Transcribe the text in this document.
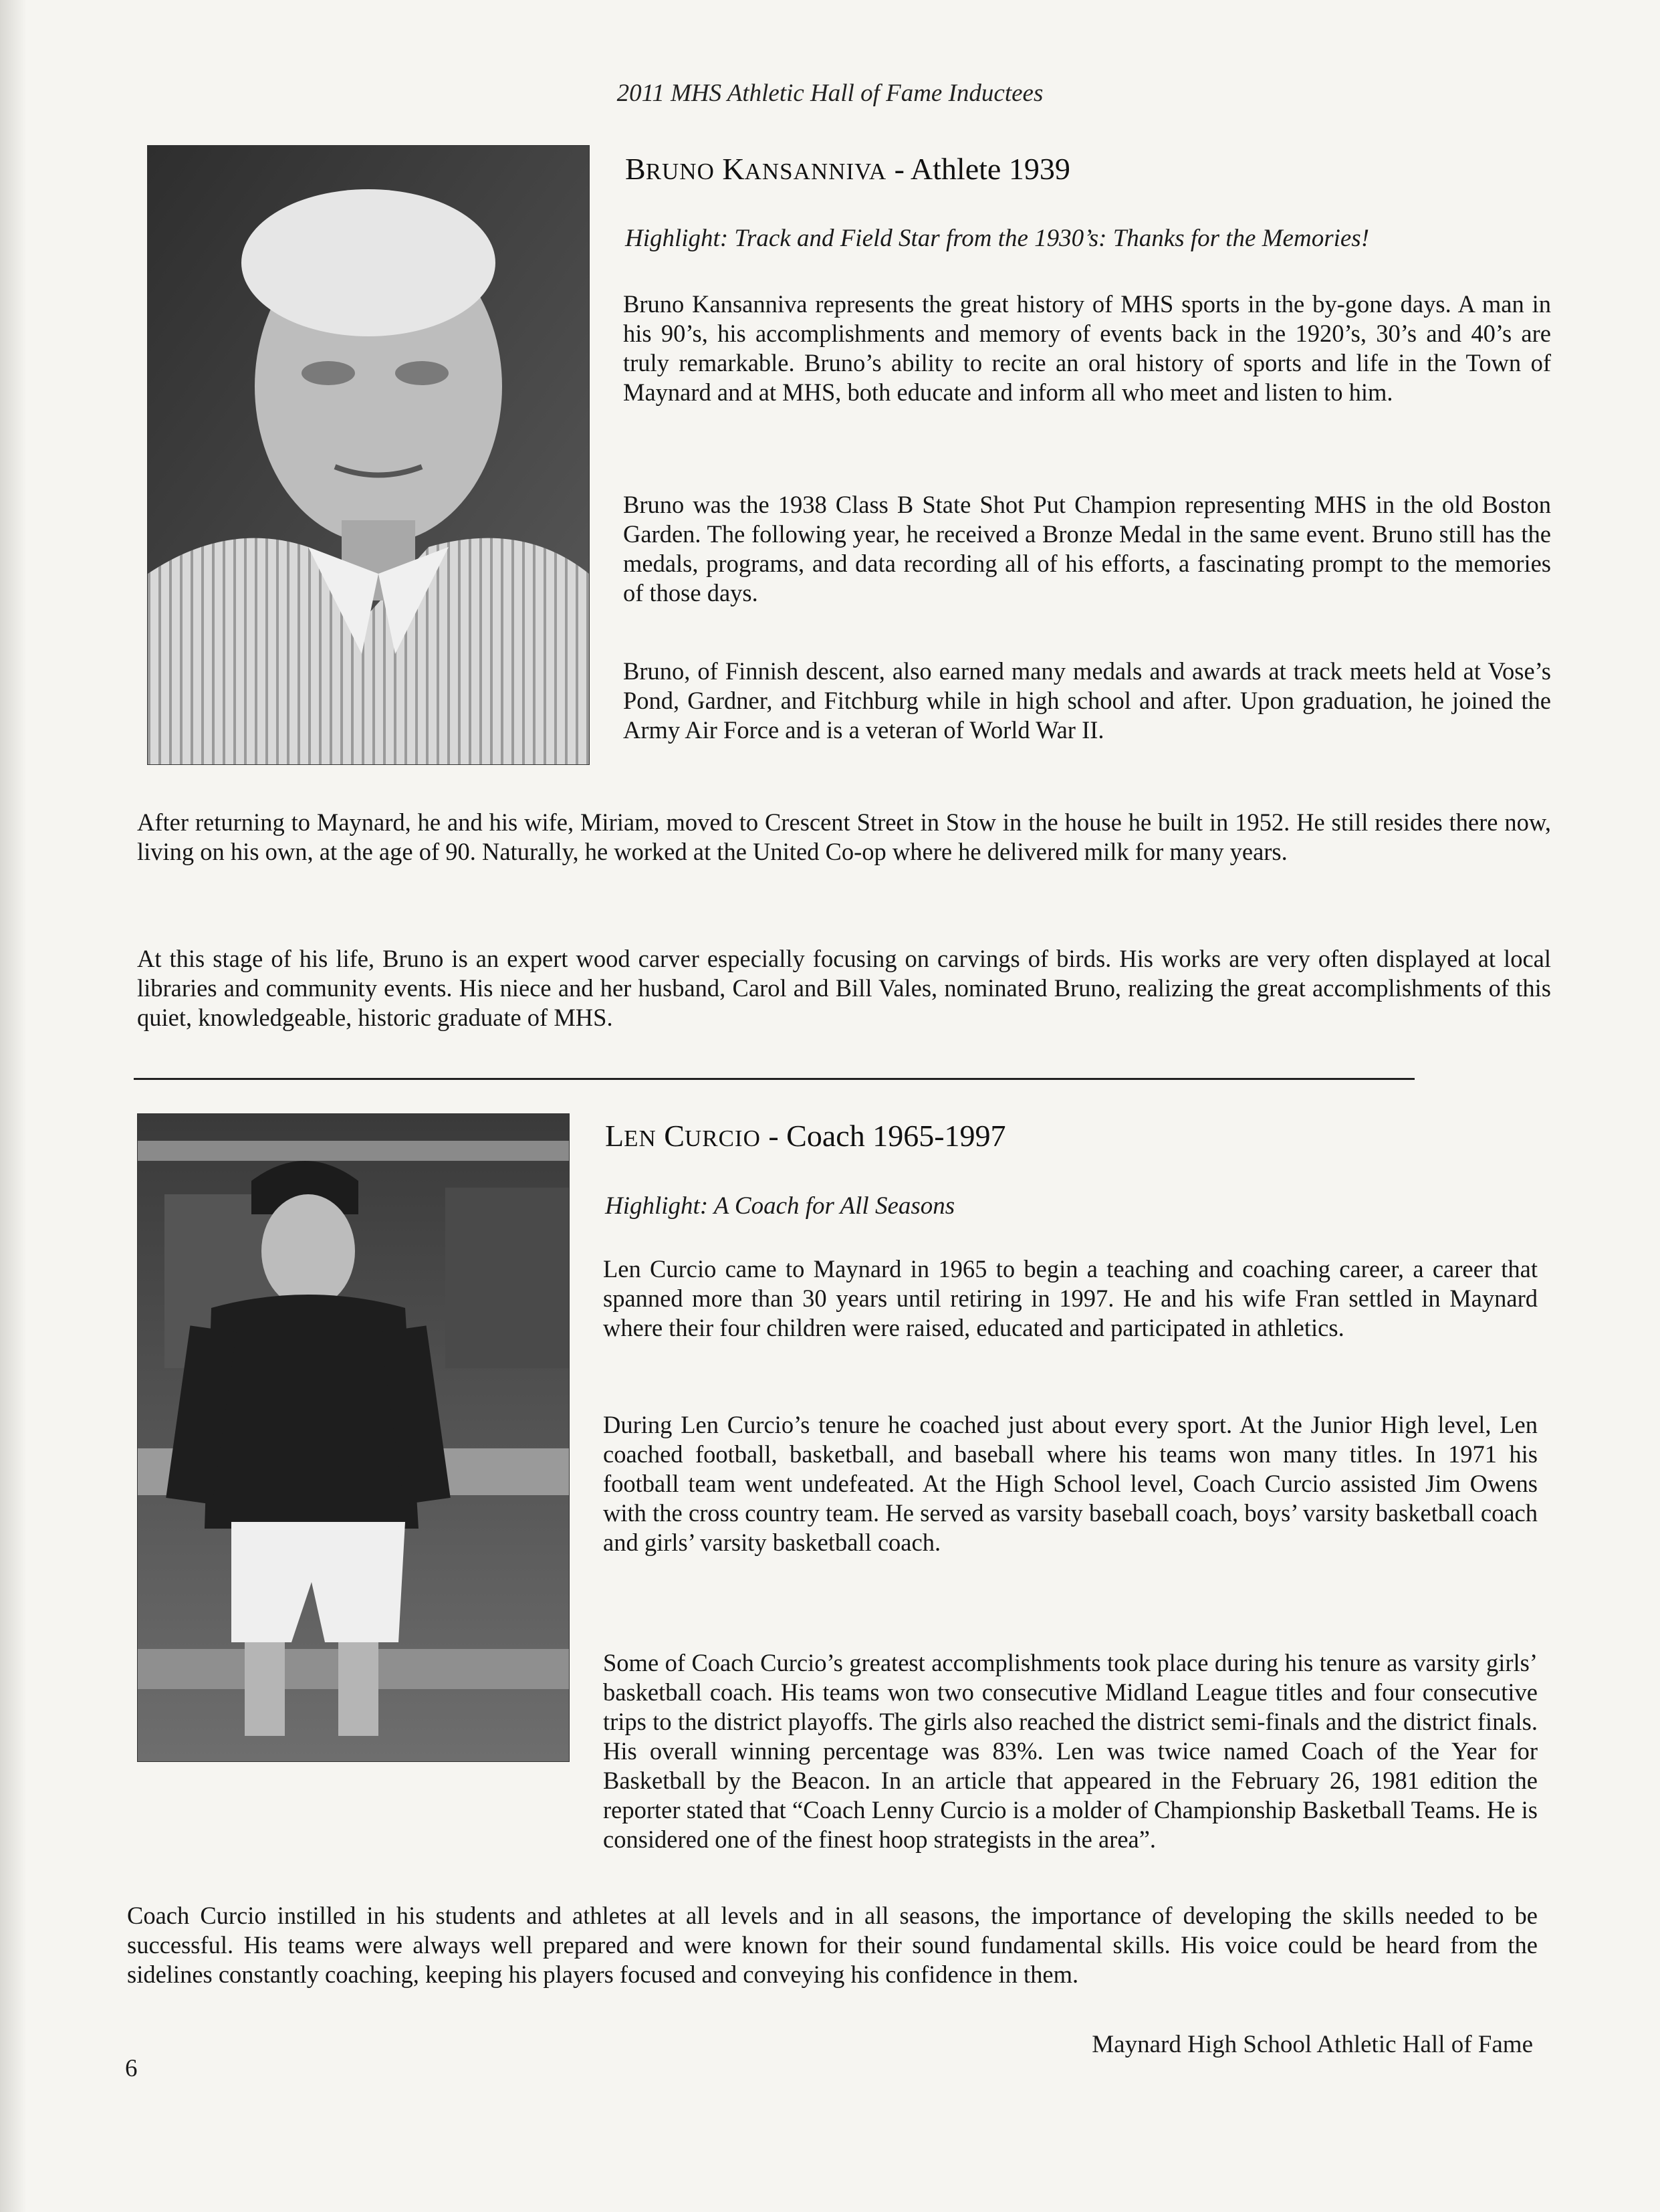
2011 MHS Athletic Hall of Fame Inductees
BRUNO KANSANNIVA - Athlete 1939
Highlight: Track and Field Star from the 1930’s: Thanks for the Memories!

Bruno Kansanniva represents the great history of MHS sports in the by-gone days. A man in his 90’s, his accomplishments and memory of events back in the 1920’s, 30’s and 40’s are truly remarkable. Bruno’s ability to recite an oral history of sports and life in the Town of Maynard and at MHS, both educate and inform all who meet and listen to him.

Bruno was the 1938 Class B State Shot Put Champion representing MHS in the old Boston Garden. The following year, he received a Bronze Medal in the same event. Bruno still has the medals, programs, and data recording all of his efforts, a fascinating prompt to the memories of those days.

Bruno, of Finnish descent, also earned many medals and awards at track meets held at Vose’s Pond, Gardner, and Fitchburg while in high school and after. Upon graduation, he joined the Army Air Force and is a veteran of World War II.

After returning to Maynard, he and his wife, Miriam, moved to Crescent Street in Stow in the house he built in 1952. He still resides there now, living on his own, at the age of 90. Naturally, he worked at the United Co-op where he delivered milk for many years.

At this stage of his life, Bruno is an expert wood carver especially focusing on carvings of birds. His works are very often displayed at local libraries and community events. His niece and her husband, Carol and Bill Vales, nominated Bruno, realizing the great accomplishments of this quiet, knowledgeable, historic graduate of MHS.

LEN CURCIO - Coach 1965-1997
Highlight: A Coach for All Seasons

Len Curcio came to Maynard in 1965 to begin a teaching and coaching career, a career that spanned more than 30 years until retiring in 1997. He and his wife Fran settled in Maynard where their four children were raised, educated and participated in athletics.

During Len Curcio’s tenure he coached just about every sport. At the Junior High level, Len coached football, basketball, and baseball where his teams won many titles. In 1971 his football team went undefeated. At the High School level, Coach Curcio assisted Jim Owens with the cross country team. He served as varsity baseball coach, boys’ varsity basketball coach and girls’ varsity basketball coach.

Some of Coach Curcio’s greatest accomplishments took place during his tenure as varsity girls’ basketball coach. His teams won two consecutive Midland League titles and four consecutive trips to the district playoffs. The girls also reached the district semi-finals and the district finals. His overall winning percentage was 83%. Len was twice named Coach of the Year for Basketball by the Beacon. In an article that appeared in the February 26, 1981 edition the reporter stated that “Coach Lenny Curcio is a molder of Championship Basketball Teams. He is considered one of the finest hoop strategists in the area”.

Coach Curcio instilled in his students and athletes at all levels and in all seasons, the importance of developing the skills needed to be successful. His teams were always well prepared and were known for their sound fundamental skills. His voice could be heard from the sidelines constantly coaching, keeping his players focused and conveying his confidence in them.

6
Maynard High School Athletic Hall of Fame
